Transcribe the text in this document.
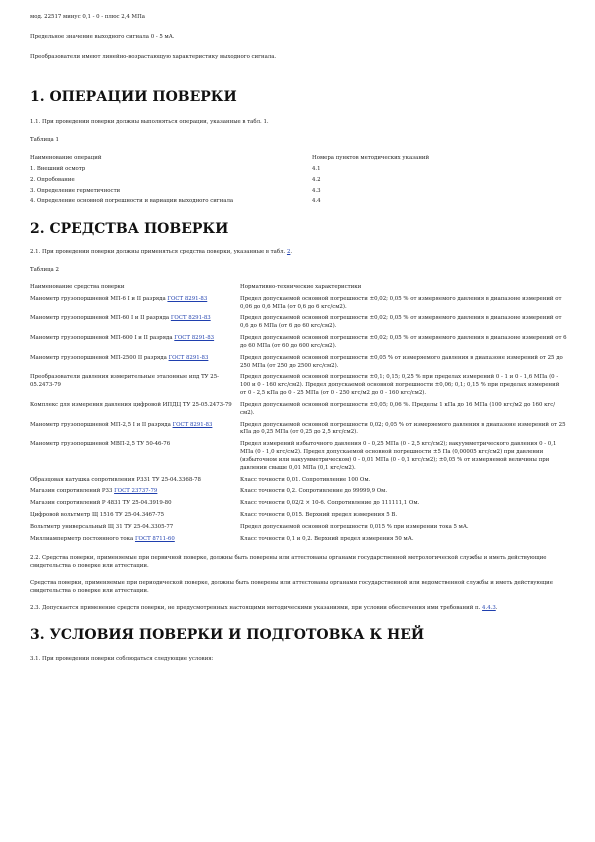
мод. 22517 минус 0,1 - 0 - плюс 2,4 МПа

Предельное значение выходного сигнала 0 - 5 мА.

Преобразователи имеют линейно-возрастающую характеристику выходного сигнала.

1. ОПЕРАЦИИ ПОВЕРКИ

1.1. При проведении поверки должны выполняться операции, указанные в табл. 1.

Таблица 1

Наименование операций	Номера пунктов методических указаний
1. Внешний осмотр	4.1
2. Опробование	4.2
3. Определение герметичности	4.3
4. Определение основной погрешности и вариации выходного сигнала	4.4
2. СРЕДСТВА ПОВЕРКИ

2.1. При проведении поверки должны применяться средства поверки, указанные в табл. 2.

Таблица 2

Наименование средства поверки	Нормативно-технические характеристики
Манометр грузопоршневой МП-6 I и II разряда ГОСТ 8291-83	Предел допускаемой основной погрешности ±0,02; 0,05 % от измеряемого давления в диапазоне измерений от 0,06 до 0,6 МПа (от 0,6 до 6 кгс/см2).
Манометр грузопоршневой МП-60 I и II разряда ГОСТ 8291-83	Предел допускаемой основной погрешности ±0,02; 0,05 % от измеряемого давления в диапазоне измерений от 0,6 до 6 МПа (от 6 до 60 кгс/см2).
Манометр грузопоршневой МП-600 I и II разряда ГОСТ 8291-83	Предел допускаемой основной погрешности ±0,02; 0,05 % от измеряемого давления в диапазоне измерений от 6 до 60 МПа (от 60 до 600 кгс/см2).
Манометр грузопоршневой МП-2500 II разряда ГОСТ 8291-83	Предел допускаемой основной погрешности ±0,05 % от измеряемого давления в диапазоне измерений от 25 до 250 МПа (от 250 до 2500 кгс/см2).
Преобразователи давления измерительные эталонные ипд ТУ 25-05.2473-79	Предел допускаемой основной погрешности ±0,1; 0,15; 0,25 % при пределах измерений 0 - 1 и 0 - 1,6 МПа (0 - 100 и 0 - 160 кгс/см2). Предел допускаемой основной погрешности ±0,06; 0,1; 0,15 % при пределах измерений от 0 - 2,5 кПа до 0 - 25 МПа (от 0 - 250 кгс/м2 до 0 - 160 кгс/см2).
Комплекс для измерения давления цифровой ИПДЦ ТУ 25-05.2473-79	Предел допускаемой основной погрешности ±0,05; 0,06 %. Пределы 1 кПа до 16 МПа (100 кгс/м2 до 160 кгс/см2).
Манометр грузопоршневой МП-2,5 I и II разряда ГОСТ 8291-83	Предел допускаемой основной погрешности 0,02; 0,05 % от измеряемого давления в диапазоне измерений от 25 кПа до 0,25 МПа (от 0,25 до 2,5 кгс/см2).
Манометр грузопоршневой МВП-2,5 ТУ 50-46-76	Предел измерений избыточного давления 0 - 0,25 МПа (0 - 2,5 кгс/см2); вакуумметрического давления 0 - 0,1 МПа (0 - 1,0 кгс/см2). Предел допускаемой основной погрешности ±5 Па (0,00005 кгс/см2) при давлении (избыточном или вакуумметрическом) 0 - 0,01 МПа (0 - 0,1 кгс/см2); ±0,05 % от измеряемой величины при давлении свыше 0,01 МПа (0,1 кгс/см2).
Образцовая катушка сопротивления Р331 ТУ 25-04.3368-78	Класс точности 0,01. Сопротивление 100 Ом.
Магазин сопротивлений Р33 ГОСТ 23737-79	Класс точности 0,2. Сопротивление до 99999,9 Ом.
Магазин сопротивлений Р 4831 ТУ 25-04.3919-80	Класс точности 0,02/2 × 10-6. Сопротивление до 111111,1 Ом.
Цифровой вольтметр Щ 1516 ТУ 25-04.3467-75	Класс точности 0,015. Верхний предел измерения 5 В.
Вольтметр универсальный Щ 31 ТУ 25-04.3305-77	Предел допускаемой основной погрешности 0,015 % при измерении тока 5 мА.
Миллиамперметр постоянного тока ГОСТ 8711-60	Класс точности 0,1 и 0,2. Верхний предел измерения 50 мА.

2.2. Средства поверки, применяемые при первичной поверке, должны быть поверены или аттестованы органами государственной метрологической службы и иметь действующие свидетельства о поверке или аттестации.

Средства поверки, применяемые при периодической поверке, должны быть поверены или аттестованы органами государственной или ведомственной службы и иметь действующие свидетельства о поверке или аттестации.

2.3. Допускается применение средств поверки, не предусмотренных настоящими методическими указаниями, при условии обеспечения ими требований п. 4.4.3.

3. УСЛОВИЯ ПОВЕРКИ И ПОДГОТОВКА К НЕЙ

3.1. При проведении поверки соблюдаться следующие условия:
